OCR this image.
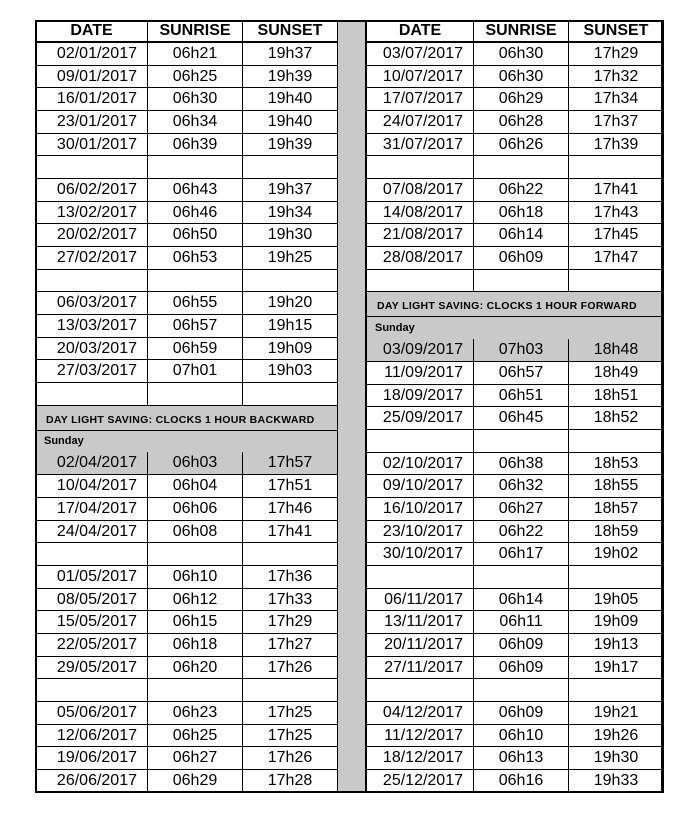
DATE	SUNRISE	SUNSET
02/01/2017	06h21	19h37
09/01/2017	06h25	19h39
16/01/2017	06h30	19h40
23/01/2017	06h34	19h40
30/01/2017	06h39	19h39

06/02/2017	06h43	19h37
13/02/2017	06h46	19h34
20/02/2017	06h50	19h30
27/02/2017	06h53	19h25

06/03/2017	06h55	19h20
13/03/2017	06h57	19h15
20/03/2017	06h59	19h09
27/03/2017	07h01	19h03

DAY LIGHT SAVING: CLOCKS 1 HOUR BACKWARD		
Sunday		
02/04/2017	06h03	17h57
10/04/2017	06h04	17h51
17/04/2017	06h06	17h46
24/04/2017	06h08	17h41

01/05/2017	06h10	17h36
08/05/2017	06h12	17h33
15/05/2017	06h15	17h29
22/05/2017	06h18	17h27
29/05/2017	06h20	17h26

05/06/2017	06h23	17h25
12/06/2017	06h25	17h25
19/06/2017	06h27	17h26
26/06/2017	06h29	17h28
DATE	SUNRISE	SUNSET
03/07/2017	06h30	17h29
10/07/2017	06h30	17h32
17/07/2017	06h29	17h34
24/07/2017	06h28	17h37
31/07/2017	06h26	17h39

07/08/2017	06h22	17h41
14/08/2017	06h18	17h43
21/08/2017	06h14	17h45
28/08/2017	06h09	17h47

DAY LIGHT SAVING: CLOCKS 1 HOUR FORWARD		
Sunday		
03/09/2017	07h03	18h48
11/09/2017	06h57	18h49
18/09/2017	06h51	18h51
25/09/2017	06h45	18h52

02/10/2017	06h38	18h53
09/10/2017	06h32	18h55
16/10/2017	06h27	18h57
23/10/2017	06h22	18h59
30/10/2017	06h17	19h02

06/11/2017	06h14	19h05
13/11/2017	06h11	19h09
20/11/2017	06h09	19h13
27/11/2017	06h09	19h17

04/12/2017	06h09	19h21
11/12/2017	06h10	19h26
18/12/2017	06h13	19h30
25/12/2017	06h16	19h33
